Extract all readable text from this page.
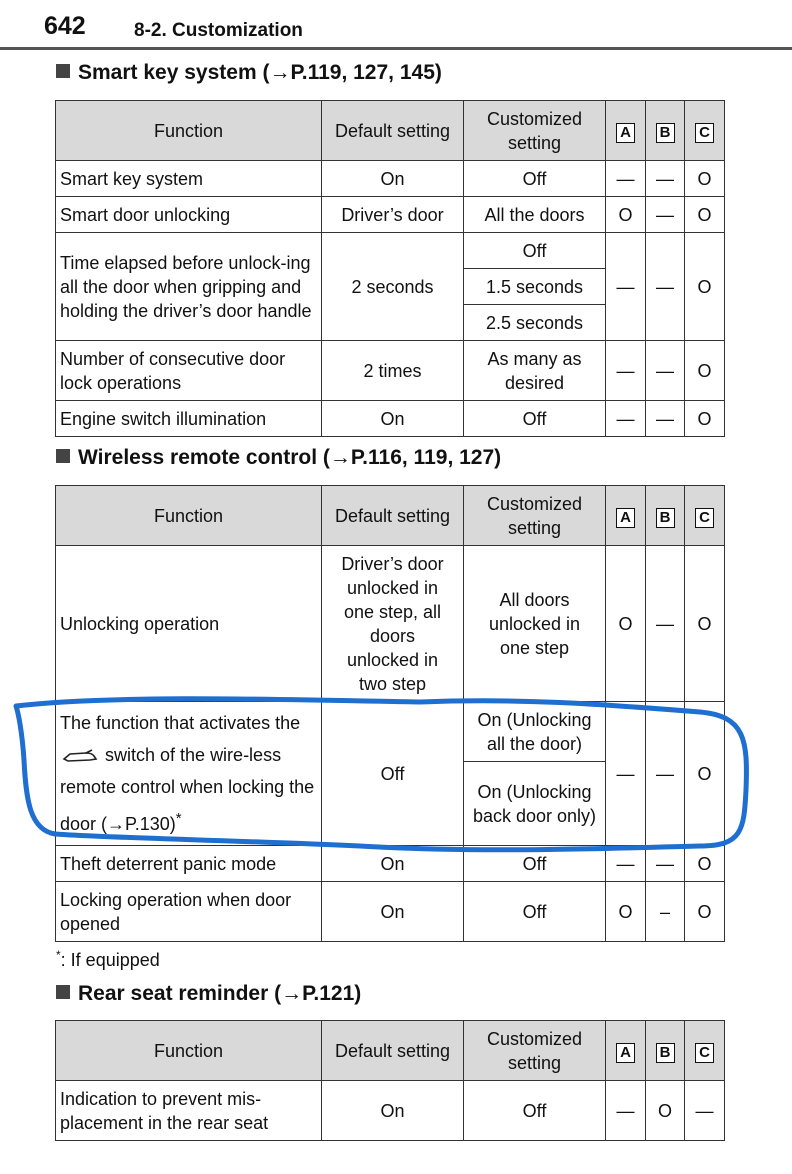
642	8-2. Customization
Smart key system (→P.119, 127, 145)
Function	Default setting	Customized setting	A	B	C
Smart key system	On	Off	—	—	O
Smart door unlocking	Driver’s door	All the doors	O	—	O
Time elapsed before unlock-ing all the door when gripping and holding the driver’s door handle	2 seconds	Off	—	—	O
		1.5 seconds			
		2.5 seconds			
Number of consecutive door lock operations	2 times	As many as desired	—	—	O
Engine switch illumination	On	Off	—	—	O
Wireless remote control (→P.116, 119, 127)
Function	Default setting	Customized setting	A	B	C
Unlocking operation	Driver’s door unlocked in one step, all doors unlocked in two step	All doors unlocked in one step	O	—	O
The function that activates the  switch of the wire-less remote control when locking the door (→P.130)*	Off	On (Unlocking all the door)	—	—	O
		On (Unlocking back door only)			
Theft deterrent panic mode	On	Off	—	—	O
Locking operation when door opened	On	Off	O	–	O
*: If equipped
Rear seat reminder (→P.121)
Function	Default setting	Customized setting	A	B	C
Indication to prevent mis-placement in the rear seat	On	Off	—	O	—
